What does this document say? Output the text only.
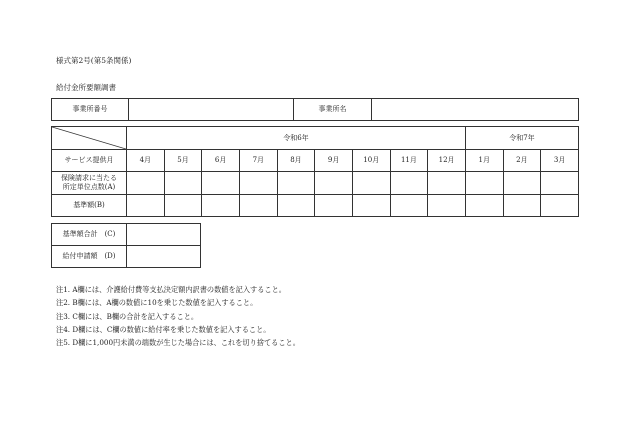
様式第2号(第5条関係)
給付金所要額調書
事業所番号		事業所名	
	令和6年									令和7年		
サービス提供月	4月	5月	6月	7月	8月	9月	10月	11月	12月	1月	2月	3月

保険請求に当たる
所定単位点数(A)												

基準額(B)												
基準額合計　(C)	
給付申請額　(D)	
注1. A欄には、介護給付費等支払決定額内訳書の数値を記入すること。
注2. B欄には、A欄の数値に10を乗じた数値を記入すること。
注3. C欄には、B欄の合計を記入すること。
注4. D欄には、C欄の数値に給付率を乗じた数値を記入すること。
注5. D欄に1,000円未満の端数が生じた場合には、これを切り捨てること。
